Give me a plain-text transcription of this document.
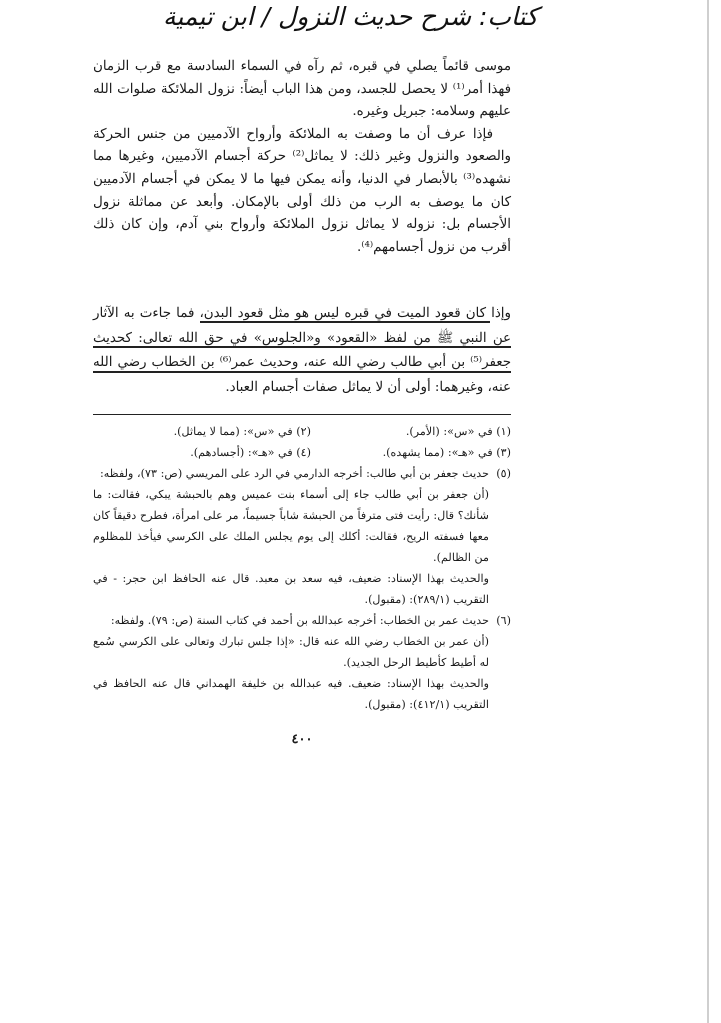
كتاب: شرح حديث النزول / ابن تيمية

موسى قائماً يصلي في قبره، ثم رآه في السماء السادسة مع قرب الزمان فهذا أمر⁽¹⁾ لا يحصل للجسد، ومن هذا الباب أيضاً: نزول الملائكة صلوات الله عليهم وسلامه: جبريل وغيره.

فإذا عرف أن ما وصفت به الملائكة وأرواح الآدميين من جنس الحركة والصعود والنزول وغير ذلك: لا يماثل⁽²⁾ حركة أجسام الآدميين، وغيرها مما نشهده⁽³⁾ بالأبصار في الدنيا، وأنه يمكن فيها ما لا يمكن في أجسام الآدميين كان ما يوصف به الرب من ذلك أولى بالإمكان. وأبعد عن مماثلة نزول الأجسام بل: نزوله لا يماثل نزول الملائكة وأرواح بني آدم، وإن كان ذلك أقرب من نزول أجسامهم⁽⁴⁾.

وإذا كان قعود الميت في قبره ليس هو مثل قعود البدن، فما جاءت به الآثار عن النبي ﷺ من لفظ «القعود» و«الجلوس» في حق الله تعالى: كحديث جعفر⁽⁵⁾ بن أبي طالب رضي الله عنه، وحديث عمر⁽⁶⁾ بن الخطاب رضي الله عنه، وغيرهما: أولى أن لا يماثل صفات أجسام العباد.
(١) في «س»: (الأمر).
(٢) في «س»: (مما لا يماثل).
(٣) في «هـ»: (مما يشهده).
(٤) في «هـ»: (أجسادهم).

(٥)حديث جعفر بن أبي طالب: أخرجه الدارمي في الرد على المريسي (ص: ٧٣)، ولفظه:

(أن جعفر بن أبي طالب جاء إلى أسماء بنت عميس وهم بالحبشة يبكي، فقالت: ما شأنك؟ قال: رأيت فتى مترفاً من الحبشة شاباً جسيماً، مر على امرأة، فطرح دقيقاً كان معها فسفته الريح، فقالت: أكلك إلى يوم يجلس الملك على الكرسي فيأخذ للمظلوم من الظالم).

والحديث بهذا الإسناد: ضعيف، فيه سعد بن معبد. قال عنه الحافظ ابن حجر: - في التقريب (٢٨٩/١): (مقبول).

(٦)حديث عمر بن الخطاب: أخرجه عبدالله بن أحمد في كتاب السنة (ص: ٧٩). ولفظه:

(أن عمر بن الخطاب رضي الله عنه قال: «إذا جلس تبارك وتعالى على الكرسي سُمع له أطيط كأطيط الرحل الجديد).

والحديث بهذا الإسناد: ضعيف. فيه عبدالله بن خليفة الهمداني قال عنه الحافظ في التقريب (٤١٢/١): (مقبول).

٤٠٠
